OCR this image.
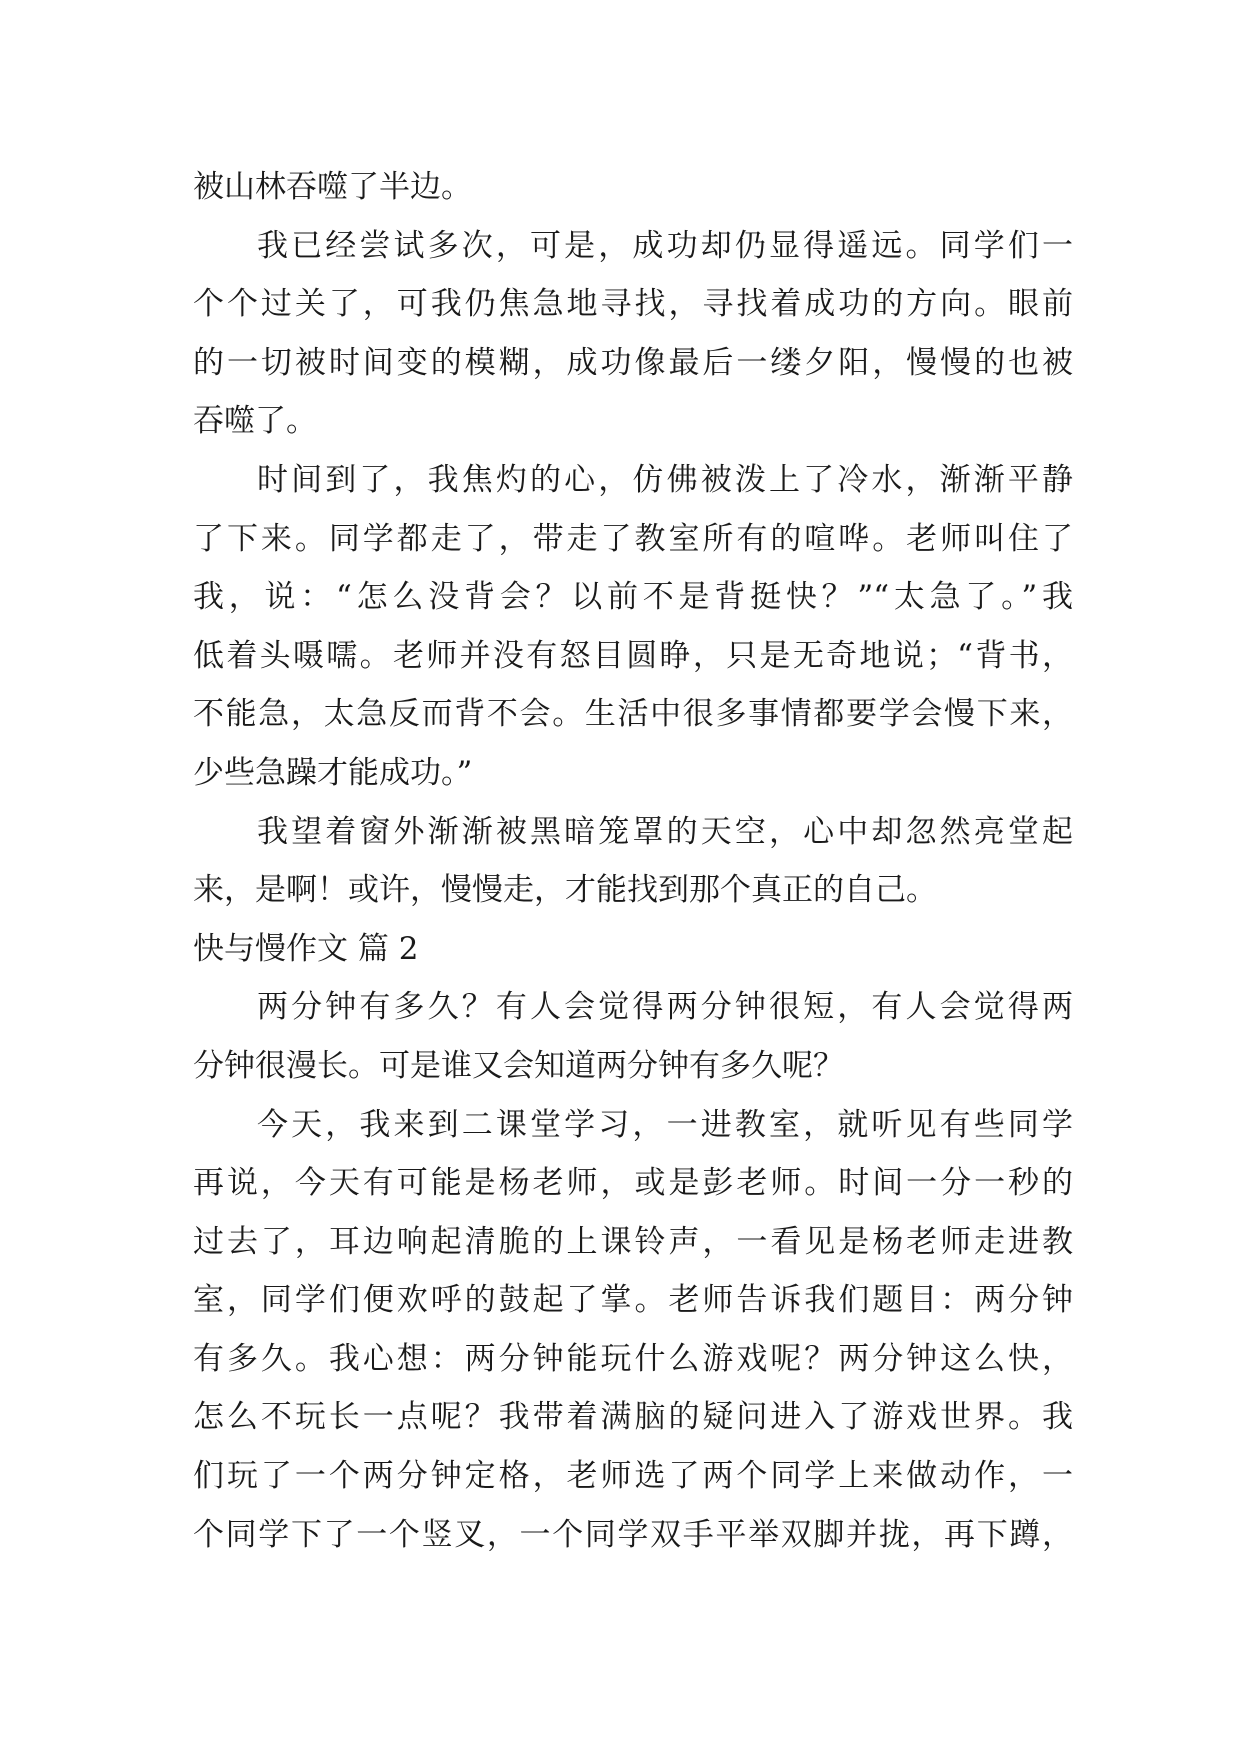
被山林吞噬了半边。
我已经尝试多次，可是，成功却仍显得遥远。同学们一
个个过关了，可我仍焦急地寻找，寻找着成功的方向。眼前
的一切被时间变的模糊，成功像最后一缕夕阳，慢慢的也被
吞噬了。
时间到了，我焦灼的心，仿佛被泼上了冷水，渐渐平静
了下来。同学都走了，带走了教室所有的喧哗。老师叫住了
我，说：“怎么没背会？以前不是背挺快？”“太急了。”我
低着头嗫嚅。老师并没有怒目圆睁，只是无奇地说；“背书，
不能急，太急反而背不会。生活中很多事情都要学会慢下来，
少些急躁才能成功。”
我望着窗外渐渐被黑暗笼罩的天空，心中却忽然亮堂起
来，是啊！或许，慢慢走，才能找到那个真正的自己。
快与慢作文 篇 2
两分钟有多久？有人会觉得两分钟很短，有人会觉得两
分钟很漫长。可是谁又会知道两分钟有多久呢？
今天，我来到二课堂学习，一进教室，就听见有些同学
再说，今天有可能是杨老师，或是彭老师。时间一分一秒的
过去了，耳边响起清脆的上课铃声，一看见是杨老师走进教
室，同学们便欢呼的鼓起了掌。老师告诉我们题目：两分钟
有多久。我心想：两分钟能玩什么游戏呢？两分钟这么快，
怎么不玩长一点呢？我带着满脑的疑问进入了游戏世界。我
们玩了一个两分钟定格，老师选了两个同学上来做动作，一
个同学下了一个竖叉，一个同学双手平举双脚并拢，再下蹲，
